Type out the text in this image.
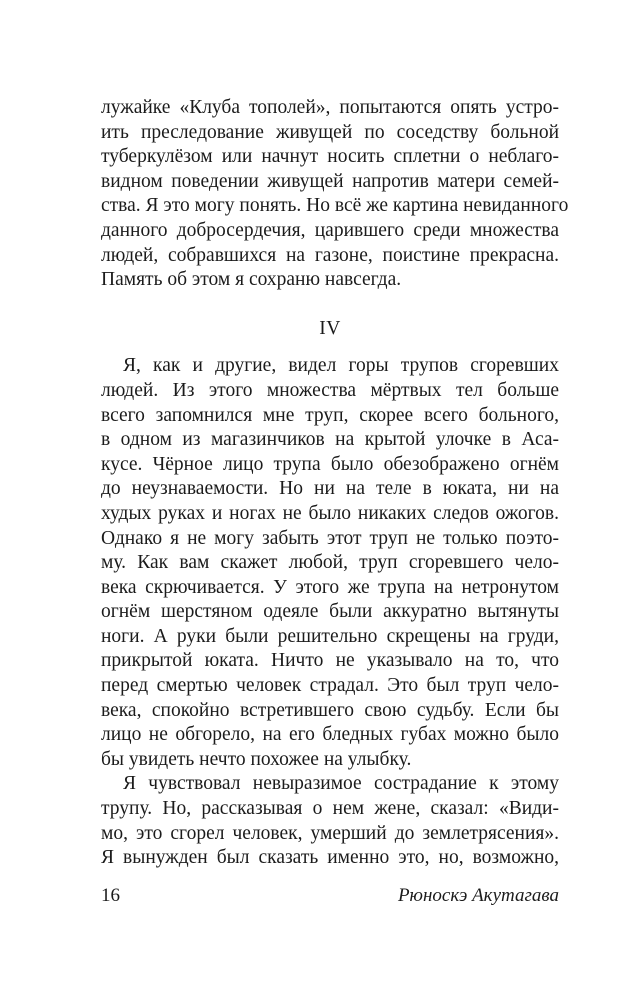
лужайке «Клуба тополей», попытаются опять устро-
ить преследование живущей по соседству больной
туберкулёзом или начнут носить сплетни о неблаго-
видном поведении живущей напротив матери семей-
ства. Я это могу понять. Но всё же картина невиданного
данного добросердечия, царившего среди множества
людей, собравшихся на газоне, поистине прекрасна.
Память об этом я сохраню навсегда.

IV

Я, как и другие, видел горы трупов сгоревших
людей. Из этого множества мёртвых тел больше
всего запомнился мне труп, скорее всего больного,
в одном из магазинчиков на крытой улочке в Аса-
кусе. Чёрное лицо трупа было обезображено огнём
до неузнаваемости. Но ни на теле в юката, ни на
худых руках и ногах не было никаких следов ожогов.
Однако я не могу забыть этот труп не только поэто-
му. Как вам скажет любой, труп сгоревшего чело-
века скрючивается. У этого же трупа на нетронутом
огнём шерстяном одеяле были аккуратно вытянуты
ноги. А руки были решительно скрещены на груди,
прикрытой юката. Ничто не указывало на то, что
перед смертью человек страдал. Это был труп чело-
века, спокойно встретившего свою судьбу. Если бы
лицо не обгорело, на его бледных губах можно было
бы увидеть нечто похожее на улыбку.

Я чувствовал невыразимое сострадание к этому
трупу. Но, рассказывая о нем жене, сказал: «Види-
мо, это сгорел человек, умерший до землетрясения».
Я вынужден был сказать именно это, но, возможно,

16	Рюноскэ Акутагава
